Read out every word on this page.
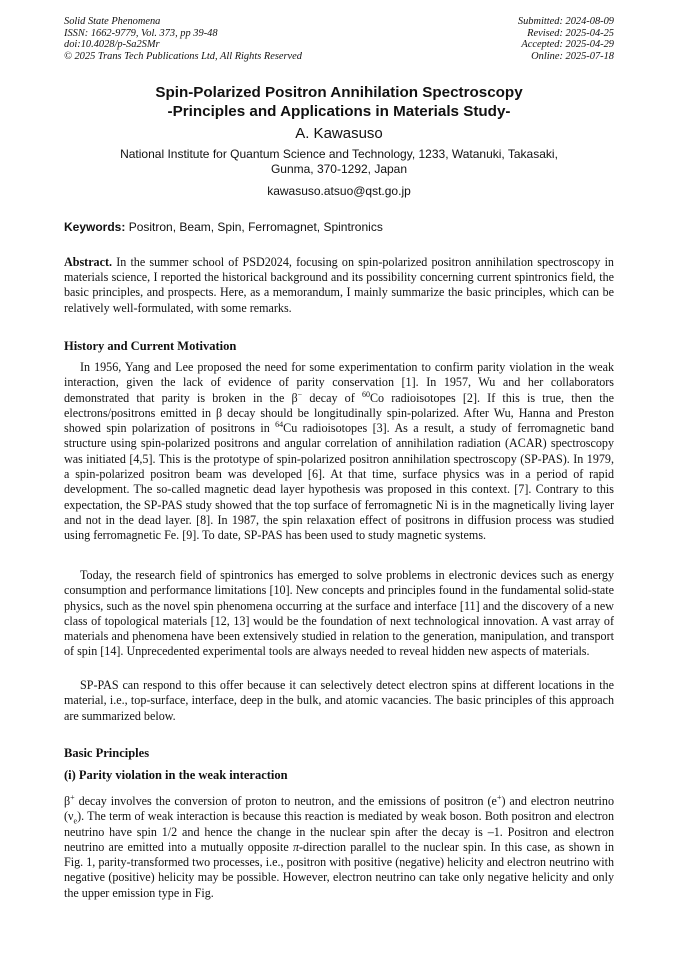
Solid State Phenomena
ISSN: 1662-9779, Vol. 373, pp 39-48
doi:10.4028/p-Sa2SMr
© 2025 Trans Tech Publications Ltd, All Rights Reserved
Submitted: 2024-08-09
Revised: 2025-04-25
Accepted: 2025-04-29
Online: 2025-07-18
Spin-Polarized Positron Annihilation Spectroscopy
-Principles and Applications in Materials Study-
A. Kawasuso
National Institute for Quantum Science and Technology, 1233, Watanuki, Takasaki,
Gunma, 370-1292, Japan
kawasuso.atsuo@qst.go.jp
Keywords: Positron, Beam, Spin, Ferromagnet, Spintronics
Abstract. In the summer school of PSD2024, focusing on spin-polarized positron annihilation spectroscopy in materials science, I reported the historical background and its possibility concerning current spintronics field, the basic principles, and prospects. Here, as a memorandum, I mainly summarize the basic principles, which can be relatively well-formulated, with some remarks.
History and Current Motivation
In 1956, Yang and Lee proposed the need for some experimentation to confirm parity violation in the weak interaction, given the lack of evidence of parity conservation [1]. In 1957, Wu and her collaborators demonstrated that parity is broken in the β− decay of $^{60}$Co radioisotopes [2]. If this is true, then the electrons/positrons emitted in β decay should be longitudinally spin-polarized. After Wu, Hanna and Preston showed spin polarization of positrons in $^{64}$Cu radioisotopes [3]. As a result, a study of ferromagnetic band structure using spin-polarized positrons and angular correlation of annihilation radiation (ACAR) spectroscopy was initiated [4,5]. This is the prototype of spin-polarized positron annihilation spectroscopy (SP-PAS). In 1979, a spin-polarized positron beam was developed [6]. At that time, surface physics was in a period of rapid development. The so-called magnetic dead layer hypothesis was proposed in this context. [7]. Contrary to this expectation, the SP-PAS study showed that the top surface of ferromagnetic Ni is in the magnetically living layer and not in the dead layer. [8]. In 1987, the spin relaxation effect of positrons in diffusion process was studied using ferromagnetic Fe. [9]. To date, SP-PAS has been used to study magnetic systems.
Today, the research field of spintronics has emerged to solve problems in electronic devices such as energy consumption and performance limitations [10]. New concepts and principles found in the fundamental solid-state physics, such as the novel spin phenomena occurring at the surface and interface [11] and the discovery of a new class of topological materials [12, 13] would be the foundation of next technological innovation. A vast array of materials and phenomena have been extensively studied in relation to the generation, manipulation, and transport of spin [14]. Unprecedented experimental tools are always needed to reveal hidden new aspects of materials.
SP-PAS can respond to this offer because it can selectively detect electron spins at different locations in the material, i.e., top-surface, interface, deep in the bulk, and atomic vacancies. The basic principles of this approach are summarized below.
Basic Principles
(i) Parity violation in the weak interaction
β+ decay involves the conversion of proton to neutron, and the emissions of positron (e+) and electron neutrino $(\nu_e)$. The term of weak interaction is because this reaction is mediated by weak boson. Both positron and electron neutrino have spin 1/2 and hence the change in the nuclear spin after the decay is –1. Positron and electron neutrino are emitted into a mutually opposite π-direction parallel to the nuclear spin. In this case, as shown in Fig. 1, parity-transformed two processes, i.e., positron with positive (negative) helicity and electron neutrino with negative (positive) helicity may be possible. However, electron neutrino can take only negative helicity and only the upper emission type in Fig.
